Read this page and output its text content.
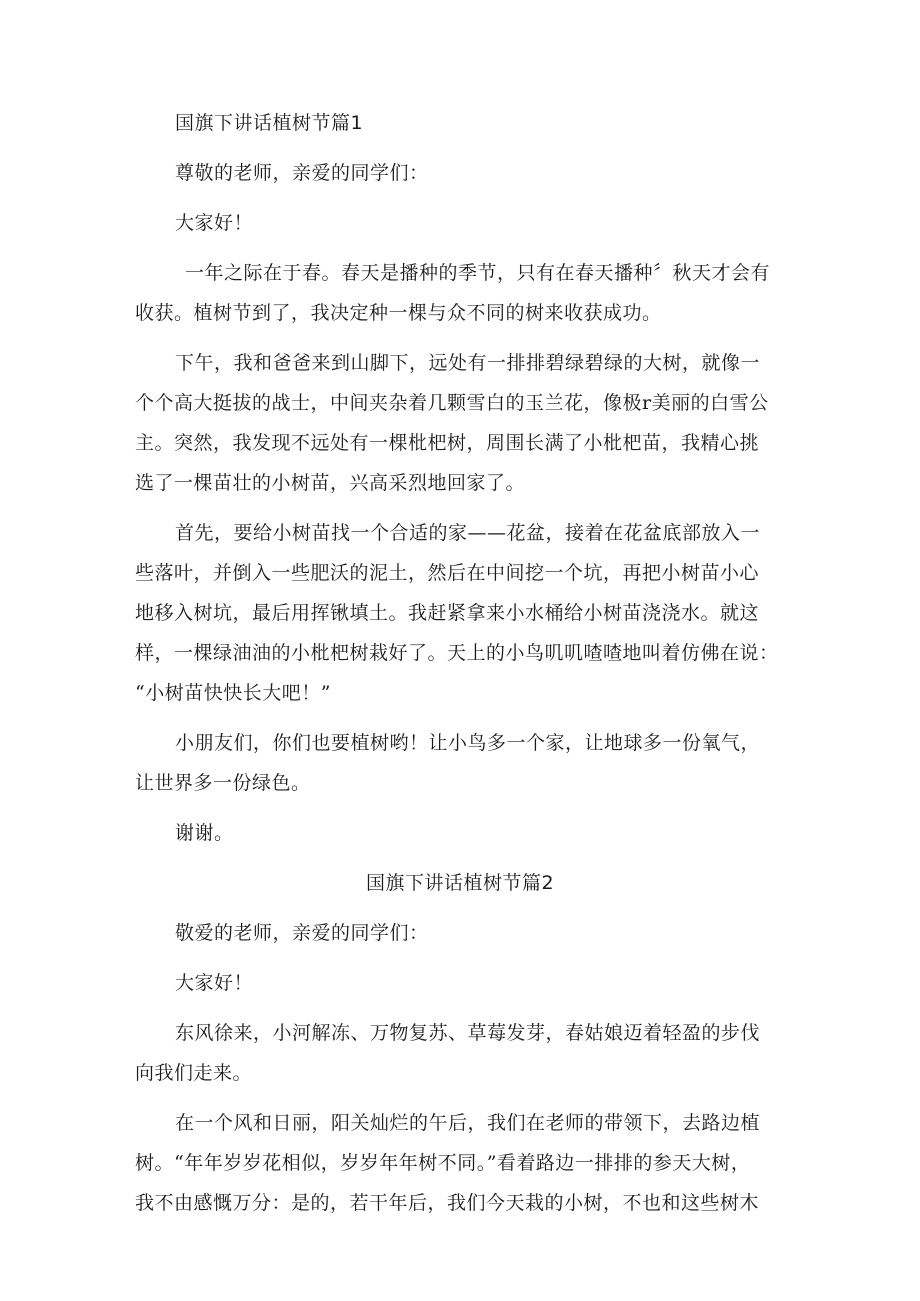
国旗下讲话植树节篇1
尊敬的老师，亲爱的同学们：
大家好！
一年之际在于春。春天是播种的季节，只有在春天播种〞秋天才会有
收获。植树节到了，我决定种一棵与众不同的树来收获成功。
下午，我和爸爸来到山脚下，远处有一排排碧绿碧绿的大树，就像一
个个高大挺拔的战士，中间夹杂着几颗雪白的玉兰花，像极r美丽的白雪公
主。突然，我发现不远处有一棵枇杷树，周围长满了小枇杷苗，我精心挑
选了一棵苗壮的小树苗，兴高采烈地回家了。
首先，要给小树苗找一个合适的家——花盆，接着在花盆底部放入一
些落叶，并倒入一些肥沃的泥土，然后在中间挖一个坑，再把小树苗小心
地移入树坑，最后用挥锹填土。我赶紧拿来小水桶给小树苗浇浇水。就这
样，一棵绿油油的小枇杷树栽好了。天上的小鸟叽叽喳喳地叫着仿佛在说：
“小树苗快快长大吧！”
小朋友们，你们也要植树哟！让小鸟多一个家，让地球多一份氧气，
让世界多一份绿色。
谢谢。
国旗下讲话植树节篇2
敬爱的老师，亲爱的同学们：
大家好！
东风徐来，小河解冻、万物复苏、草莓发芽，春姑娘迈着轻盈的步伐
向我们走来。
在一个风和日丽，阳关灿烂的午后，我们在老师的带领下，去路边植
树。“年年岁岁花相似，岁岁年年树不同。”看着路边一排排的参天大树，
我不由感慨万分：是的，若干年后，我们今天栽的小树，不也和这些树木
